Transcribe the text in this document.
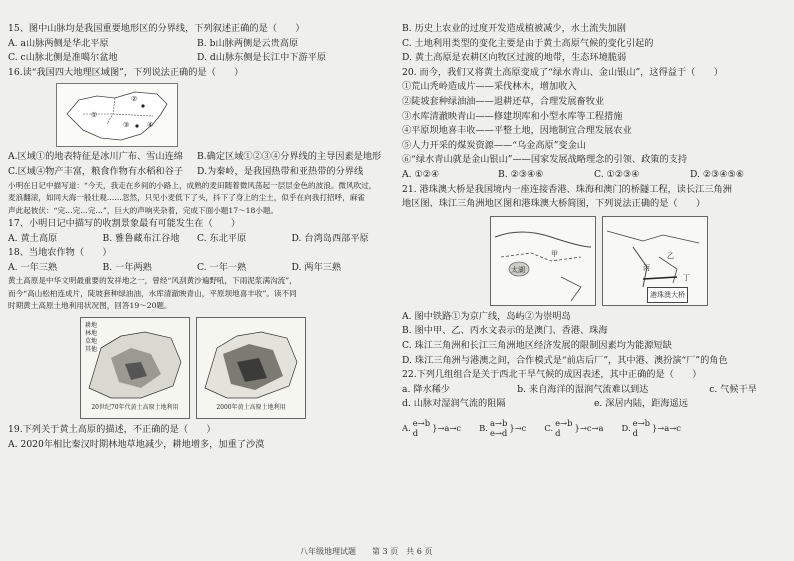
15、图中山脉均是我国重要地形区的分界线，下列叙述正确的是（　　）
A. a山脉两侧是华北平原	B. b山脉两侧是云贵高原
C. c山脉北侧是准噶尔盆地	D. d山脉东侧是长江中下游平原
16.读“我国四大地理区域图”，下列说法正确的是（　　）
①
②
③	④
A.区域①的地表特征是冰川广布、雪山连绵	B.确定区域①②③④分界线的主导因素是地形
C.区域④物产丰富，粮食作物有水稻和谷子	D.为秦岭，是我国热带和亚热带的分界线
小明在日记中描写道：“今天，我走在乡间的小路上，成熟的麦田随着微风荡起一层层金色的波浪。微风吹过，
麦浪翻滚，如同大海一般壮观……忽然，只见小麦低下了头，抖下了身上的尘土，似乎在向我打招呼，麻雀
声此起彼伏：“完…完…完…”，巨大的声响夹杂着，完成下面小题17～18小题。
17、小明日记中描写的收割景象最有可能发生在（　　）
A. 黄土高原	B. 雅鲁藏布江谷地	C. 东北平原	D. 台湾岛西部平原
18、当地农作物（　　）
A. 一年三熟	B. 一年两熟	C. 一年一熟	D. 两年三熟
黄土高原是中华文明最重要的发祥地之一，曾经“风刮黄沙遍野吼，下雨泥浆满沟流”，
而今“高山松柏连成片，陡坡套种绿油油，水库清澈映青山，平原坝地喜丰收”。读不同
时期黄土高原土地利用状况图，回答19～20题。
耕地
林地
草地
其他
20世纪70年代黄土高原土地利用	2000年黄土高原土地利用
19.下列关于黄土高原的描述，不正确的是（　　）
A. 2020年相比秦汉时期林地草地减少，耕地增多，加重了沙漠
B. 历史上农业的过度开发造成植被减少，水土流失加剧
C. 土地利用类型的变化主要是由于黄土高原气候的变化引起的
D. 黄土高原是农耕区向牧区过渡的地带，生态环境脆弱
20. 而今，我们又将黄土高原变成了“绿水青山、金山银山”，这得益于（　　）
①荒山秃岭造成片——采伐林木，增加收入
②陡坡套种绿油油——退耕还草，合理发展畜牧业
③水库清澈映青山——修建坝库和小型水库等工程措施
④平原坝地喜丰收——平整土地，因地制宜合理发展农业
⑤人力开采的煤炭资源——“乌金高原”变金山
⑥“绿水青山就是金山银山”——国家发展战略理念的引领、政策的支持
A. ①②④	B. ②③④⑥	C. ①②③④	D. ②③④⑤⑥
21. 港珠澳大桥是我国境内一座连接香港、珠海和澳门的桥隧工程，读长江三角洲
地区图、珠江三角洲地区图和港珠澳大桥简图，下列说法正确的是（　　）
太湖
甲	乙
丙
丁
港珠澳大桥
A. 图中铁路①为京广线，岛屿②为崇明岛
B. 图中甲、乙、丙水文表示的是澳门、香港、珠海
C. 珠江三角洲和长江三角洲地区经济发展的限制因素均为能源短缺
D. 珠江三角洲与港澳之间，合作模式是“前店后厂”，其中港、澳扮演“厂”的角色
22.下列几组组合是关于西北干旱气候的成因表述，其中正确的是（　　）
a. 降水稀少	b. 来自海洋的湿润气流难以到达	c. 气候干旱
d. 山脉对湿润气流的阻隔	e. 深居内陆，距海遥远
A. e→b
d
}→a→c B. a→b
e→d
}→c C. e→b
d
}→c→a D. e→b
d
}→a→c
八年级地理试题　　第 3 页　共 6 页
